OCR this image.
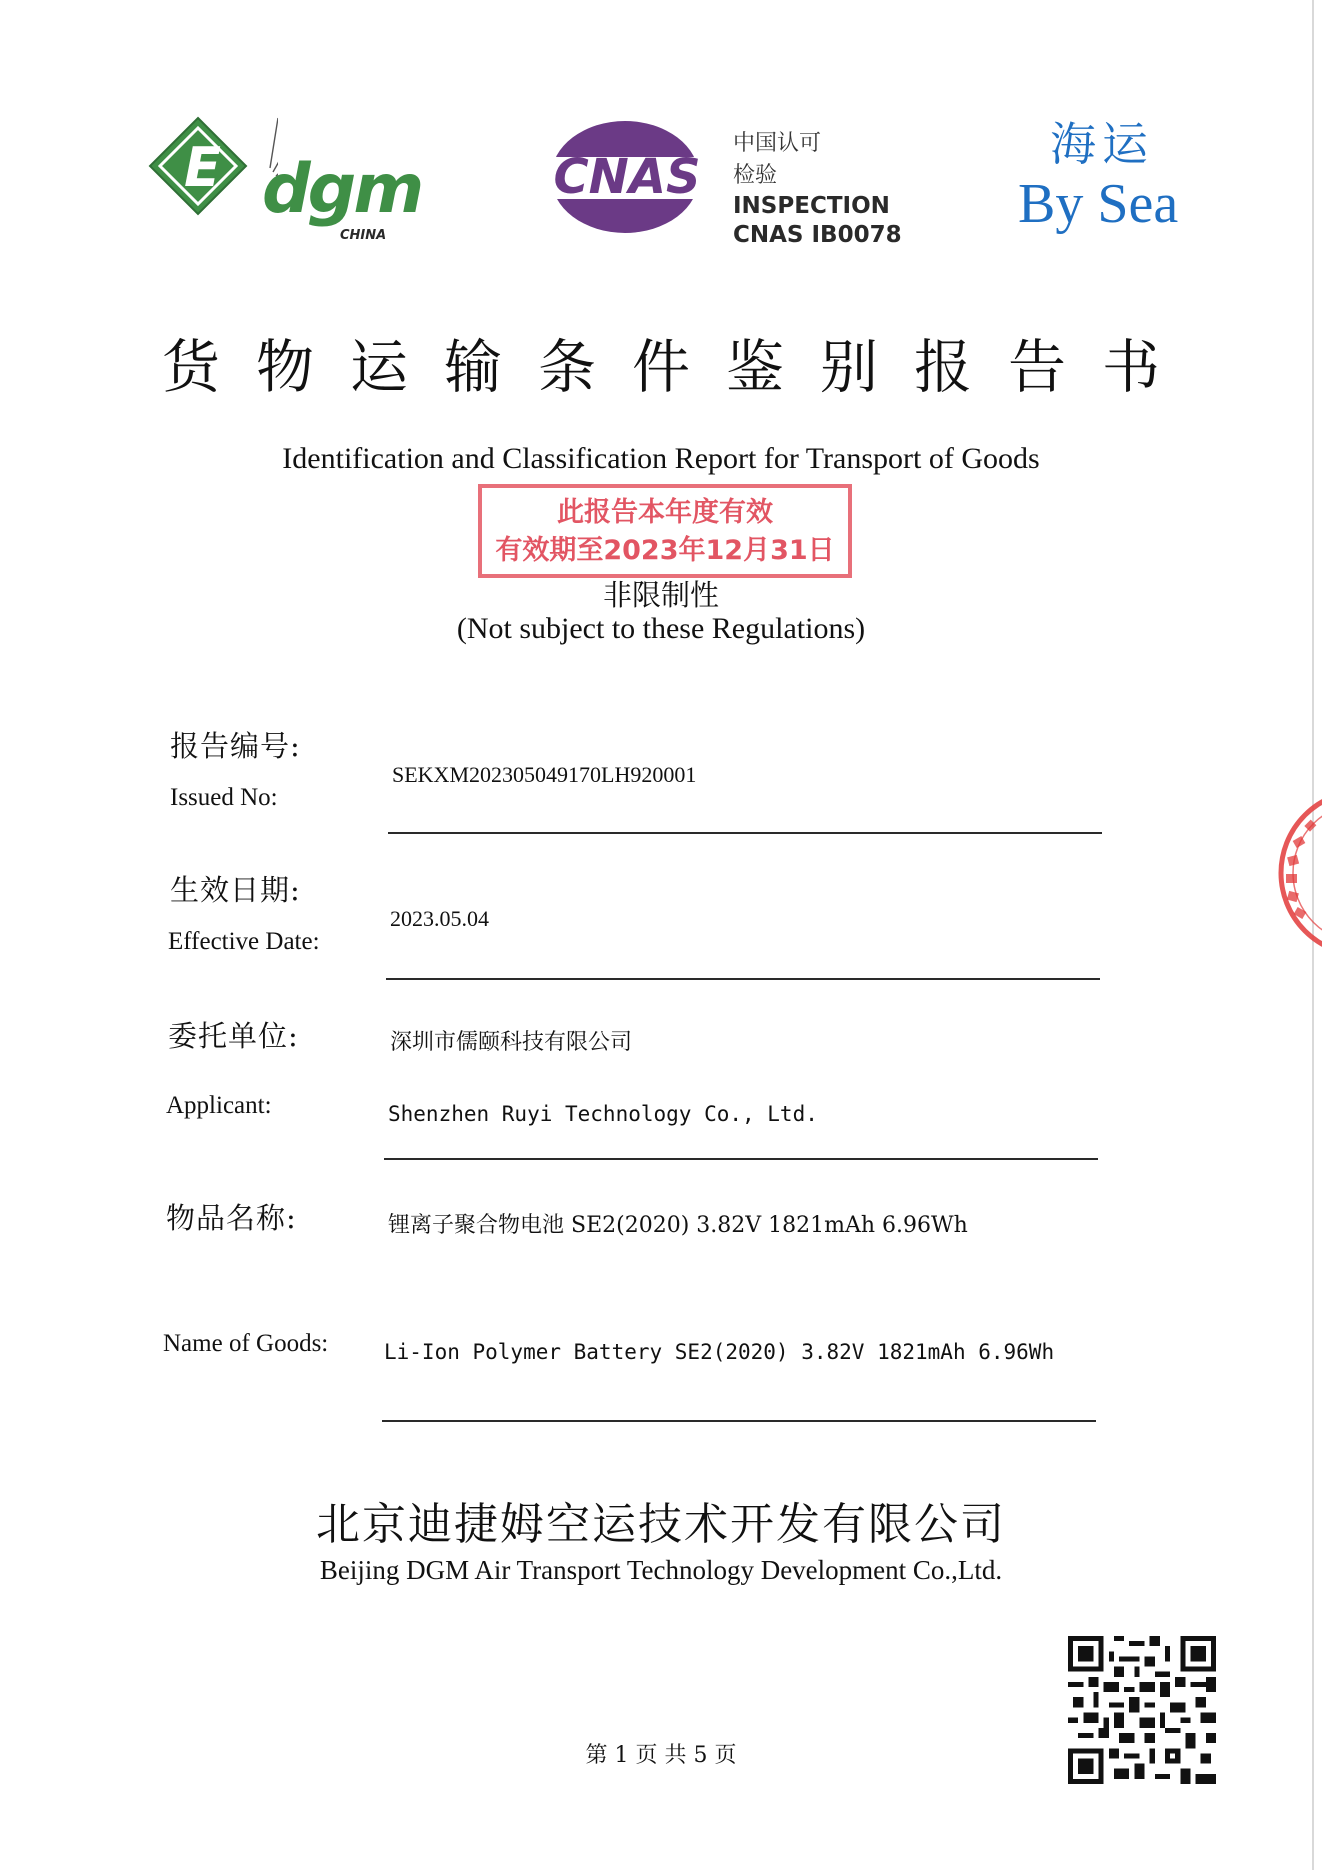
E dgm
CHINA
CNAS
中国认可
检验
INSPECTION
CNAS IB0078
海运
By Sea
货物运输条件鉴别报告书
Identification and Classification Report for Transport of Goods
此报告本年度有效
有效期至2023年12月31日
非限制性
(Not subject to these Regulations)
报告编号:
Issued No:
SEKXM202305049170LH920001
生效日期:
Effective Date:
2023.05.04
委托单位:
Applicant:
深圳市儒颐科技有限公司
Shenzhen Ruyi Technology Co., Ltd.
物品名称:
Name of Goods:
锂离子聚合物电池 SE2(2020) 3.82V 1821mAh 6.96Wh
Li-Ion Polymer Battery SE2(2020) 3.82V 1821mAh 6.96Wh
北京迪捷姆空运技术开发有限公司
Beijing DGM Air Transport Technology Development Co.,Ltd.
第 1 页 共 5 页
